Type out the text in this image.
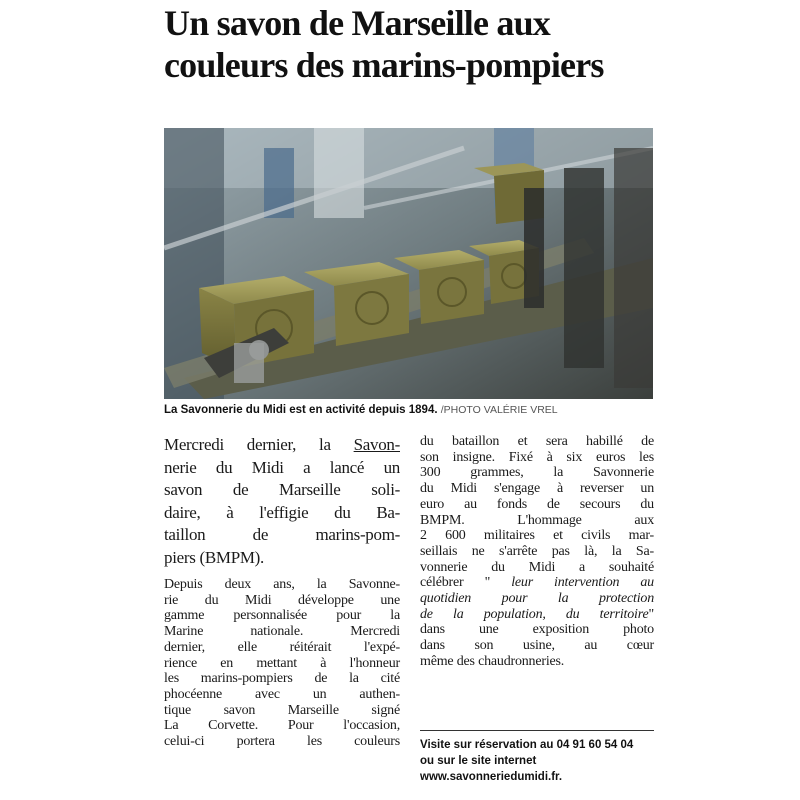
Un savon de Marseille aux
couleurs des marins-pompiers
La Savonnerie du Midi est en activité depuis 1894. /PHOTO VALÉRIE VREL
Mercredi dernier, la Savon-
nerie du Midi a lancé un
savon de Marseille soli-
daire, à l'effigie du Ba-
taillon de marins-pom-
piers (BMPM).
Depuis deux ans, la Savonne-
rie du Midi développe une
gamme personnalisée pour la
Marine nationale. Mercredi
dernier, elle réitérait l'expé-
rience en mettant à l'honneur
les marins-pompiers de la cité
phocéenne avec un authen-
tique savon Marseille signé
La Corvette. Pour l'occasion,
celui-ci portera les couleurs
du bataillon et sera habillé de
son insigne. Fixé à six euros les
300 grammes, la Savonnerie
du Midi s'engage à reverser un
euro au fonds de secours du
BMPM. L'hommage aux
2 600 militaires et civils mar-
seillais ne s'arrête pas là, la Sa-
vonnerie du Midi a souhaité
célébrer " leur intervention au
quotidien pour la protection
de la population, du territoire"
dans une exposition photo
dans son usine, au cœur
même des chaudronneries.
Visite sur réservation au 04 91 60 54 04
ou sur le site internet
www.savonneriedumidi.fr.
